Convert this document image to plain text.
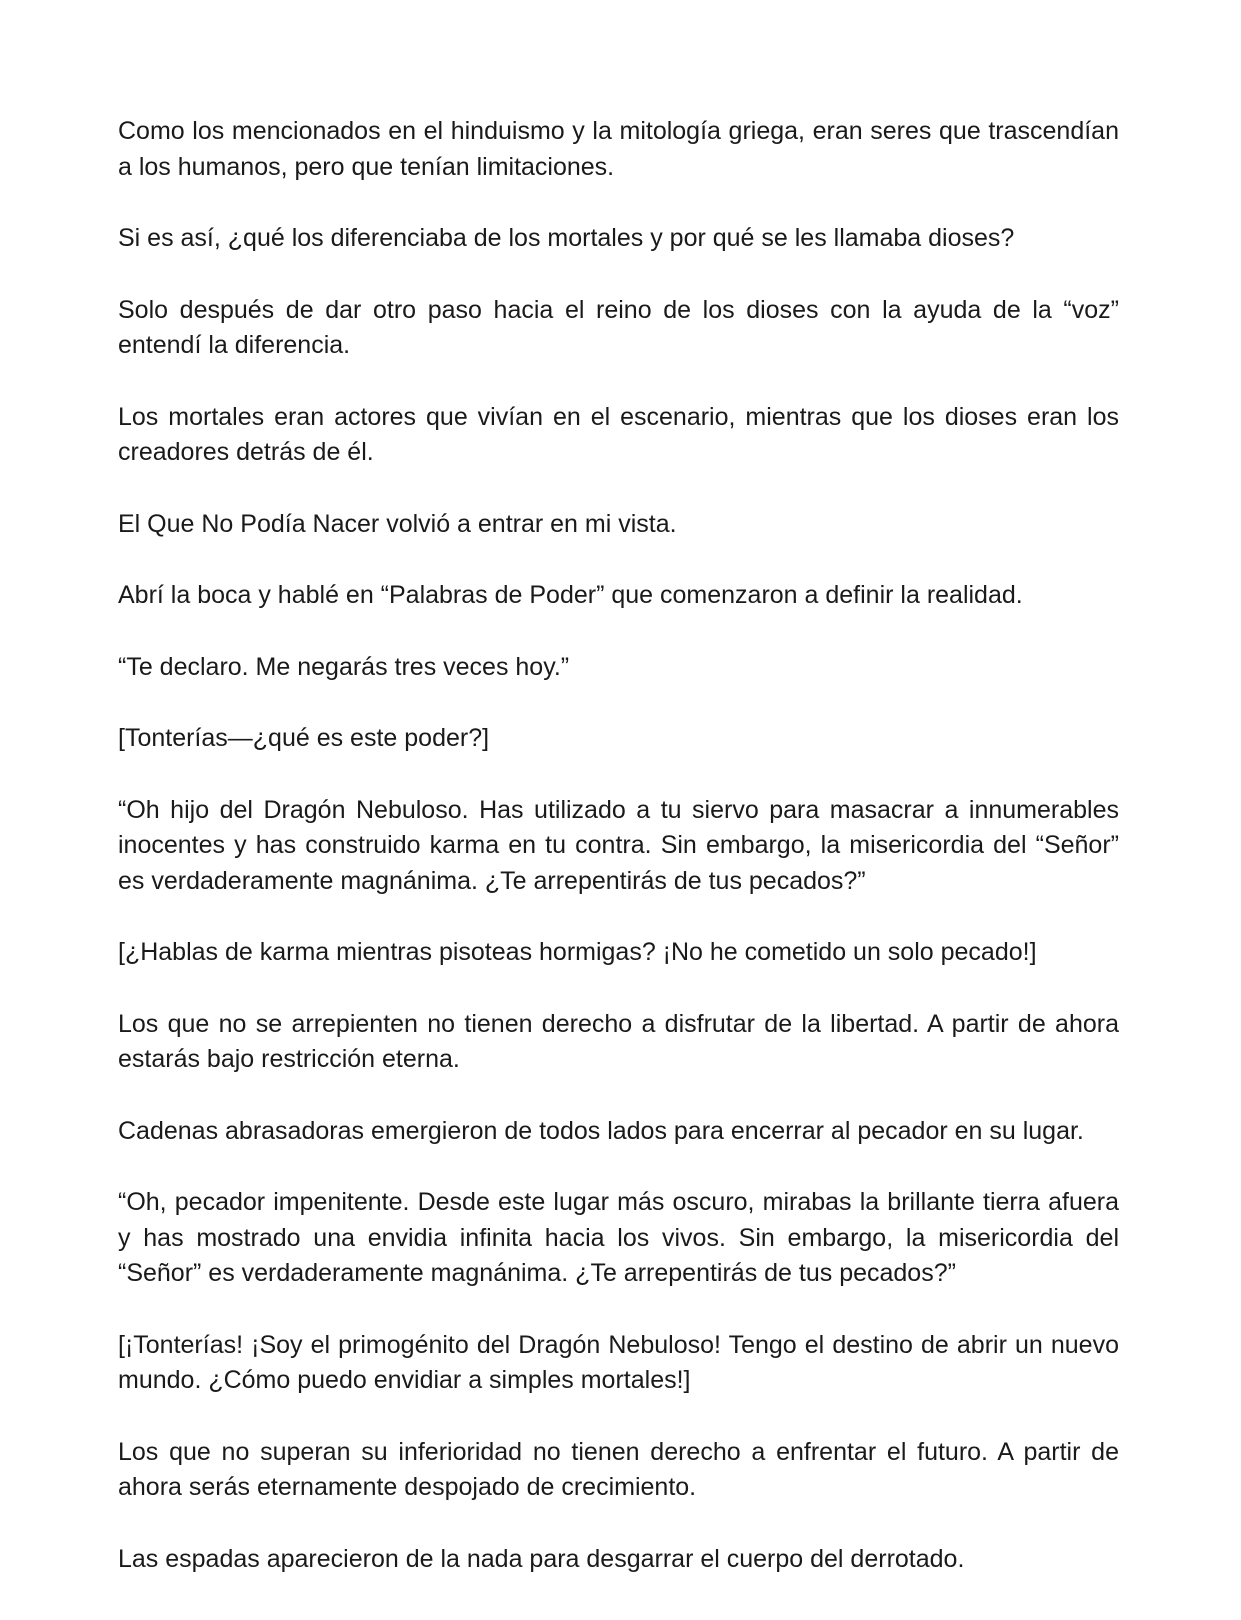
Como los mencionados en el hinduismo y la mitología griega, eran seres que trascendían a los humanos, pero que tenían limitaciones.

Si es así, ¿qué los diferenciaba de los mortales y por qué se les llamaba dioses?

Solo después de dar otro paso hacia el reino de los dioses con la ayuda de la “voz” entendí la diferencia.

Los mortales eran actores que vivían en el escenario, mientras que los dioses eran los creadores detrás de él.

El Que No Podía Nacer volvió a entrar en mi vista.

Abrí la boca y hablé en “Palabras de Poder” que comenzaron a definir la realidad.

“Te declaro. Me negarás tres veces hoy.”

[Tonterías—¿qué es este poder?]

“Oh hijo del Dragón Nebuloso. Has utilizado a tu siervo para masacrar a innumerables inocentes y has construido karma en tu contra. Sin embargo, la misericordia del “Señor” es verdaderamente magnánima. ¿Te arrepentirás de tus pecados?”

[¿Hablas de karma mientras pisoteas hormigas? ¡No he cometido un solo pecado!]

Los que no se arrepienten no tienen derecho a disfrutar de la libertad. A partir de ahora estarás bajo restricción eterna.

Cadenas abrasadoras emergieron de todos lados para encerrar al pecador en su lugar.

“Oh, pecador impenitente. Desde este lugar más oscuro, mirabas la brillante tierra afuera y has mostrado una envidia infinita hacia los vivos. Sin embargo, la misericordia del “Señor” es verdaderamente magnánima. ¿Te arrepentirás de tus pecados?”

[¡Tonterías! ¡Soy el primogénito del Dragón Nebuloso! Tengo el destino de abrir un nuevo mundo. ¿Cómo puedo envidiar a simples mortales!]

Los que no superan su inferioridad no tienen derecho a enfrentar el futuro. A partir de ahora serás eternamente despojado de crecimiento.

Las espadas aparecieron de la nada para desgarrar el cuerpo del derrotado.
